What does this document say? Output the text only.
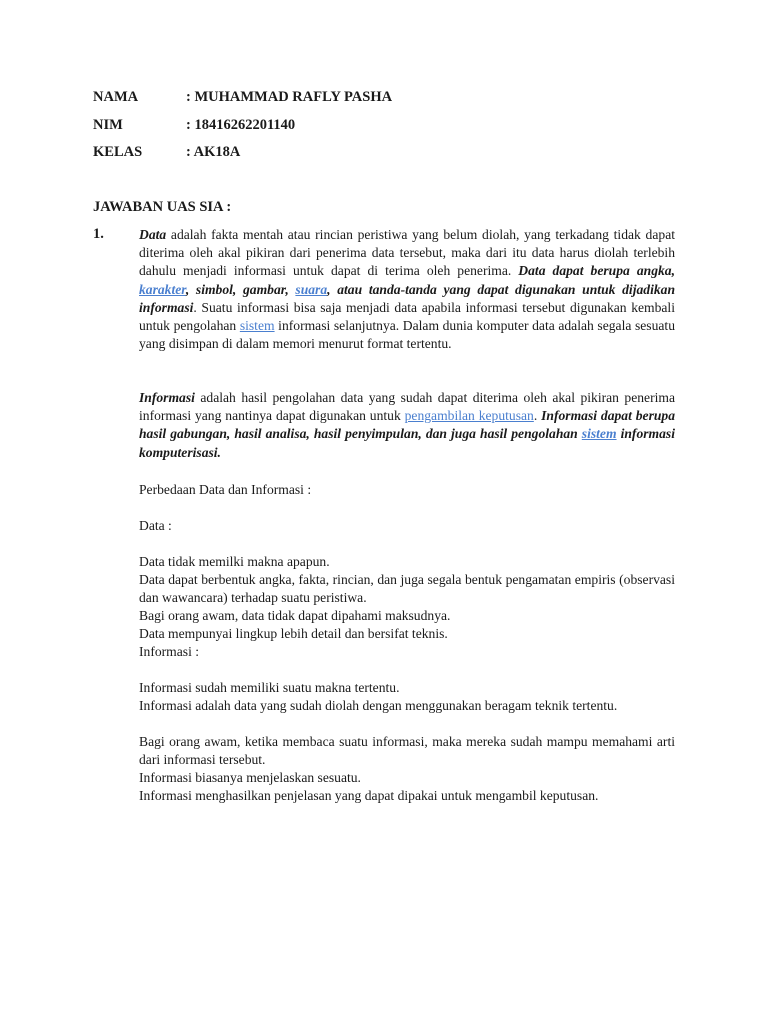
NAMA	: MUHAMMAD RAFLY PASHA
NIM	: 18416262201140
KELAS	: AK18A
JAWABAN UAS SIA :
1.	Data adalah fakta mentah atau rincian peristiwa yang belum diolah, yang terkadang tidak dapat diterima oleh akal pikiran dari penerima data tersebut, maka dari itu data harus diolah terlebih dahulu menjadi informasi untuk dapat di terima oleh penerima. Data dapat berupa angka, karakter, simbol, gambar, suara, atau tanda-tanda yang dapat digunakan untuk dijadikan informasi. Suatu informasi bisa saja menjadi data apabila informasi tersebut digunakan kembali untuk pengolahan sistem informasi selanjutnya. Dalam dunia komputer data adalah segala sesuatu yang disimpan di dalam memori menurut format tertentu.

Informasi adalah hasil pengolahan data yang sudah dapat diterima oleh akal pikiran penerima informasi yang nantinya dapat digunakan untuk pengambilan keputusan. Informasi dapat berupa hasil gabungan, hasil analisa, hasil penyimpulan, dan juga hasil pengolahan sistem informasi komputerisasi.

Perbedaan Data dan Informasi :
Data :
Data tidak memilki makna apapun.
Data dapat berbentuk angka, fakta, rincian, dan juga segala bentuk pengamatan empiris (observasi dan wawancara) terhadap suatu peristiwa.
Bagi orang awam, data tidak dapat dipahami maksudnya.
Data mempunyai lingkup lebih detail dan bersifat teknis.
Informasi :
Informasi sudah memiliki suatu makna tertentu.
Informasi adalah data yang sudah diolah dengan menggunakan beragam teknik tertentu.
Bagi orang awam, ketika membaca suatu informasi, maka mereka sudah mampu memahami arti dari informasi tersebut.
Informasi biasanya menjelaskan sesuatu.
Informasi menghasilkan penjelasan yang dapat dipakai untuk mengambil keputusan.
